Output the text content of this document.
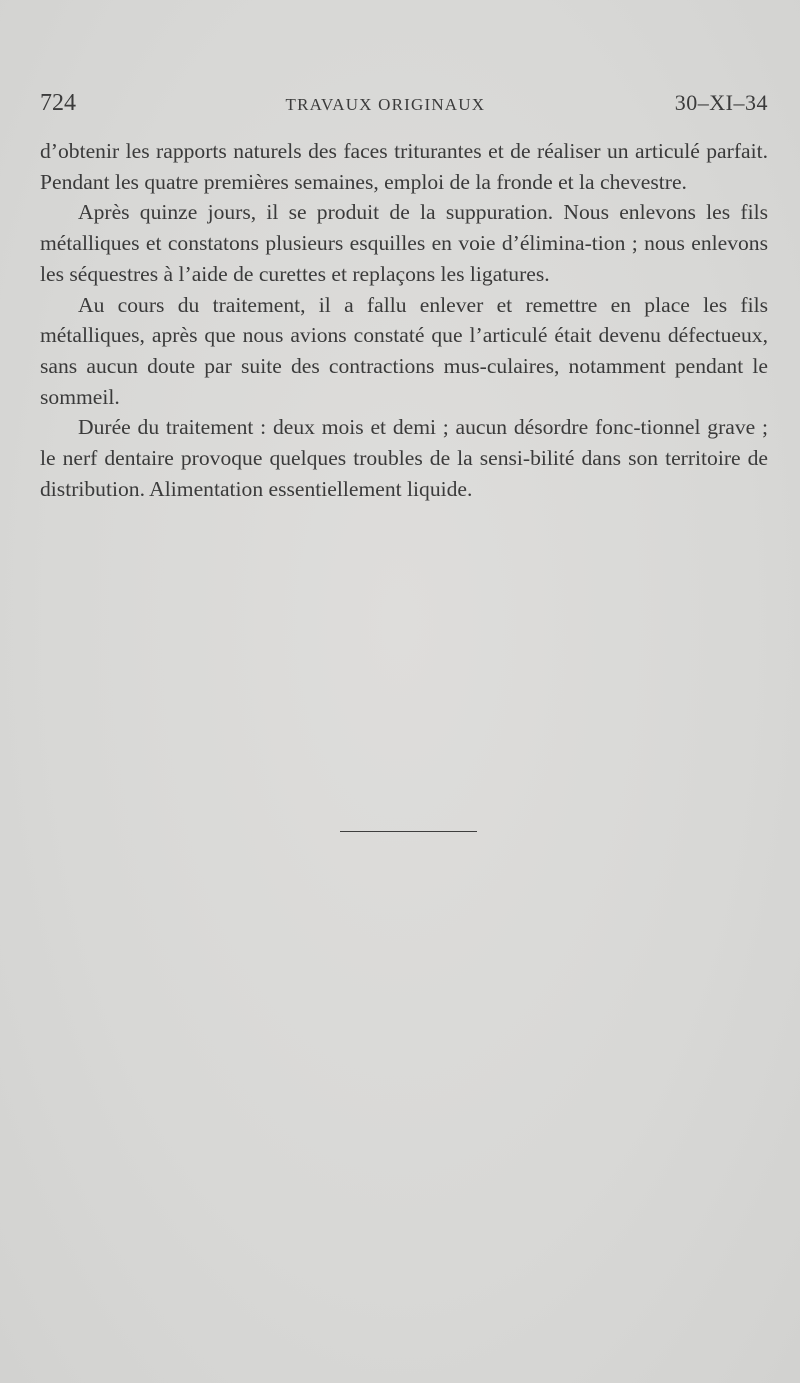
724	TRAVAUX ORIGINAUX	30–XI–34

d’obtenir les rapports naturels des faces triturantes et de réaliser un articulé parfait. Pendant les quatre premières semaines, emploi de la fronde et la chevestre.

Après quinze jours, il se produit de la suppuration. Nous enlevons les fils métalliques et constatons plusieurs esquilles en voie d’élimina-tion ; nous enlevons les séquestres à l’aide de curettes et replaçons les ligatures.

Au cours du traitement, il a fallu enlever et remettre en place les fils métalliques, après que nous avions constaté que l’articulé était devenu défectueux, sans aucun doute par suite des contractions mus-culaires, notamment pendant le sommeil.

Durée du traitement : deux mois et demi ; aucun désordre fonc-tionnel grave ; le nerf dentaire provoque quelques troubles de la sensi-bilité dans son territoire de distribution. Alimentation essentiellement liquide.
